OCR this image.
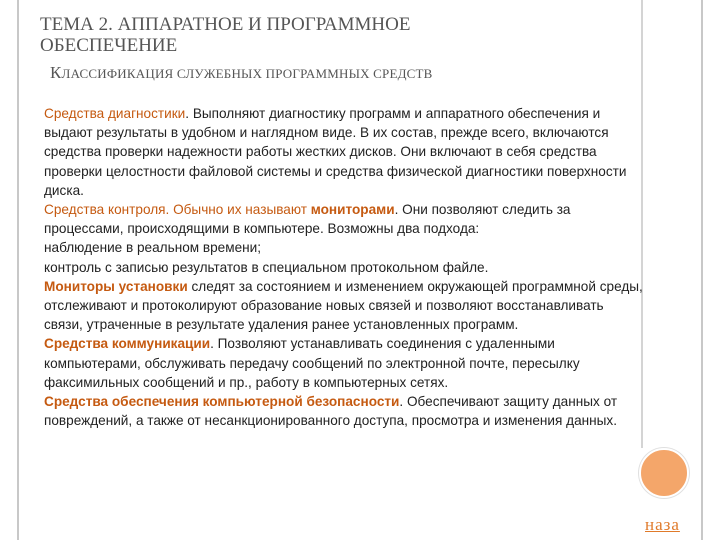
ТЕМА 2. АППАРАТНОЕ И ПРОГРАММНОЕ
ОБЕСПЕЧЕНИЕ
КЛАССИФИКАЦИЯ СЛУЖЕБНЫХ ПРОГРАММНЫХ СРЕДСТВ
Средства диагностики. Выполняют диагностику программ и аппаратного обеспечения и выдают результаты в удобном и наглядном виде. В их состав, прежде всего, включаются средства проверки надежности работы жестких дисков. Они включают в себя средства проверки целостности файловой системы и средства физической диагностики поверхности диска.
Средства контроля. Обычно их называют мониторами. Они позволяют следить за процессами, происходящими в компьютере. Возможны два подхода:
наблюдение в реальном времени;
контроль с записью результатов в специальном протокольном файле.
Мониторы установки следят за состоянием и изменением окружающей программной среды, отслеживают и протоколируют образование новых связей и позволяют восстанавливать связи, утраченные в результате удаления ранее установленных программ.
Средства коммуникации. Позволяют устанавливать соединения с удаленными компьютерами, обслуживать передачу сообщений по электронной почте, пересылку факсимильных сообщений и пр., работу в компьютерных сетях.
Средства обеспечения компьютерной безопасности. Обеспечивают защиту данных от повреждений, а также от несанкционированного доступа, просмотра и изменения данных.
наза
